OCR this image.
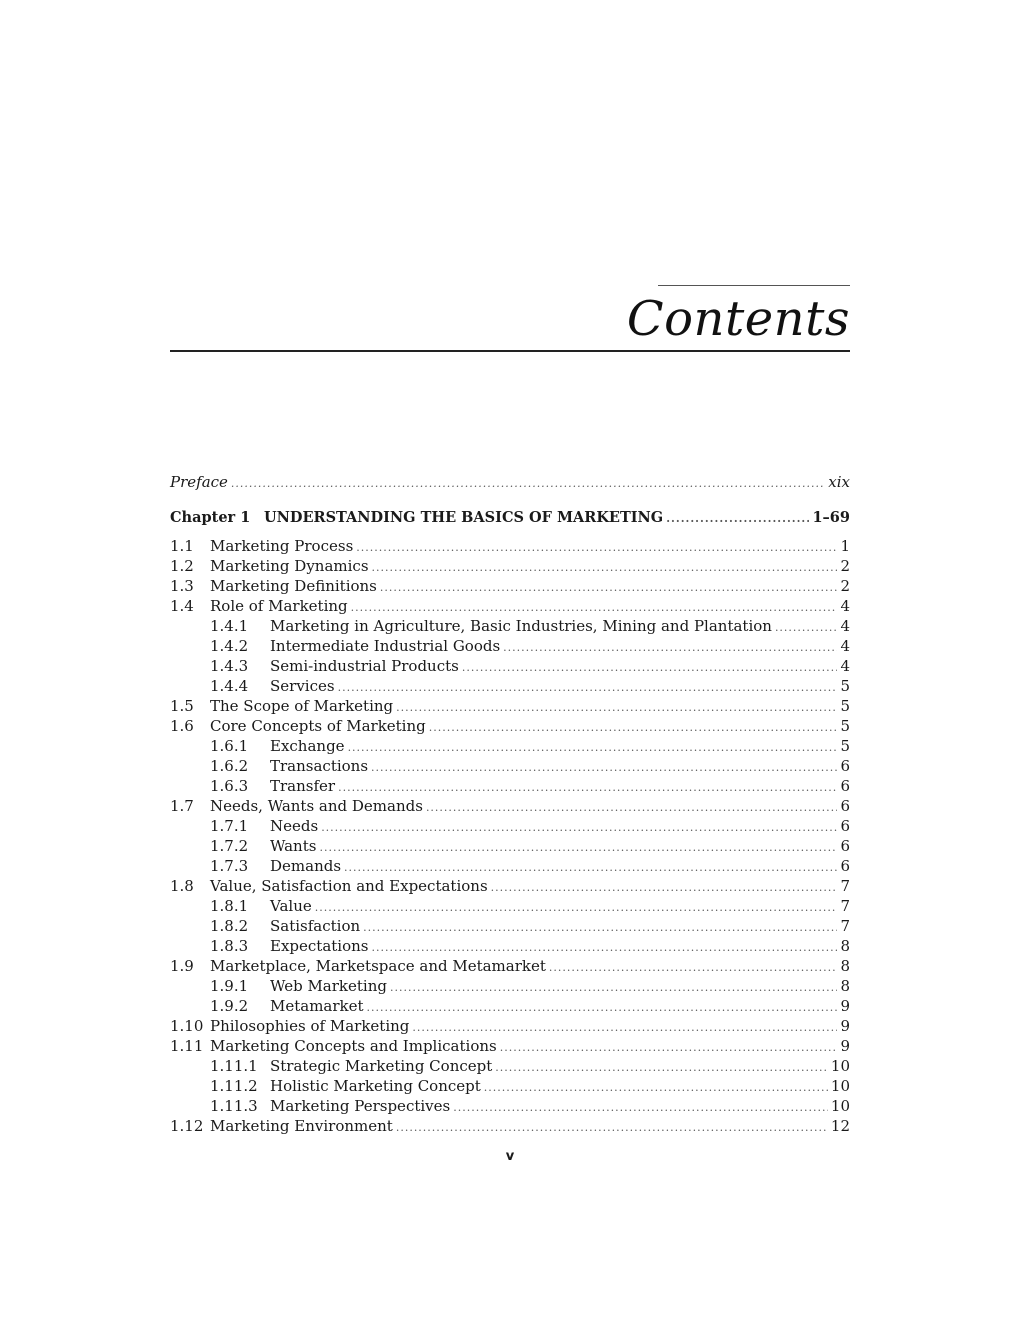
Contents
Preface .....	xix
Chapter 1 UNDERSTANDING THE BASICS OF MARKETING .....	1–69
1.1	Marketing Process .....	1
1.2	Marketing Dynamics .....	2
1.3	Marketing Definitions .....	2
1.4	Role of Marketing .....	4
1.4.1	Marketing in Agriculture, Basic Industries, Mining and Plantation .....	4
1.4.2	Intermediate Industrial Goods .....	4
1.4.3	Semi-industrial Products .....	4
1.4.4	Services .....	5
1.5	The Scope of Marketing .....	5
1.6	Core Concepts of Marketing .....	5
1.6.1	Exchange .....	5
1.6.2	Transactions .....	6
1.6.3	Transfer .....	6
1.7	Needs, Wants and Demands .....	6
1.7.1	Needs .....	6
1.7.2	Wants .....	6
1.7.3	Demands .....	6
1.8	Value, Satisfaction and Expectations .....	7
1.8.1	Value .....	7
1.8.2	Satisfaction .....	7
1.8.3	Expectations .....	8
1.9	Marketplace, Marketspace and Metamarket .....	8
1.9.1	Web Marketing .....	8
1.9.2	Metamarket .....	9
1.10 Philosophies of Marketing .....	9
1.11 Marketing Concepts and Implications .....	9
1.11.1 Strategic Marketing Concept .....	10
1.11.2 Holistic Marketing Concept .....	10
1.11.3 Marketing Perspectives .....	10
1.12 Marketing Environment .....	12
v
